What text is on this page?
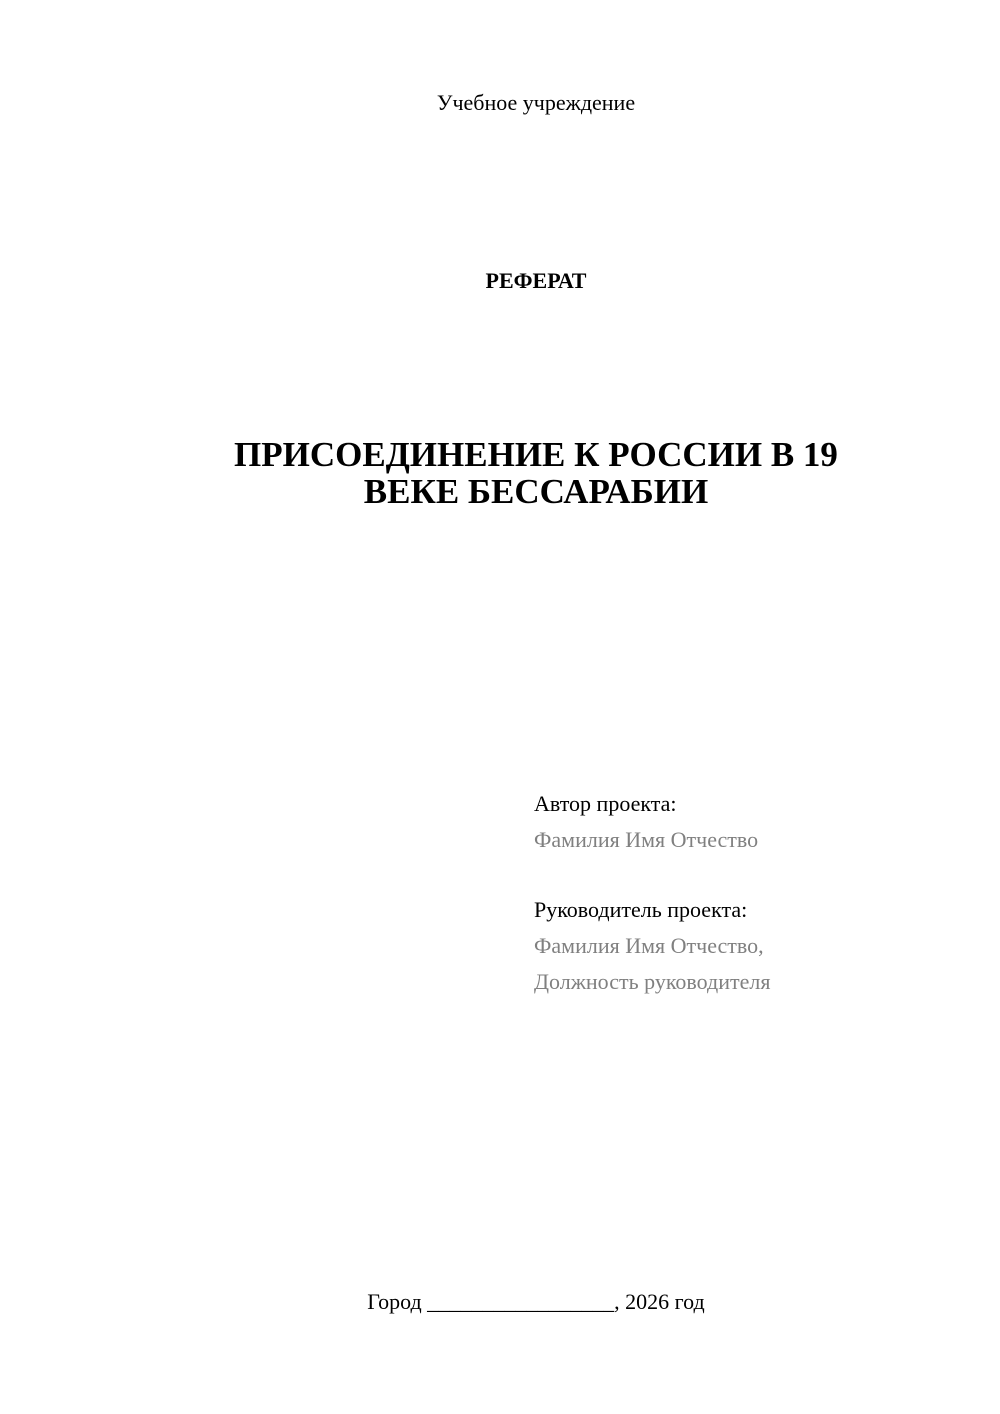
Учебное учреждение
РЕФЕРАТ
ПРИСОЕДИНЕНИЕ К РОССИИ В 19
ВЕКЕ БЕССАРАБИИ
Автор проекта:
Фамилия Имя Отчество
Руководитель проекта:
Фамилия Имя Отчество,
Должность руководителя
Город _________________, 2026 год
